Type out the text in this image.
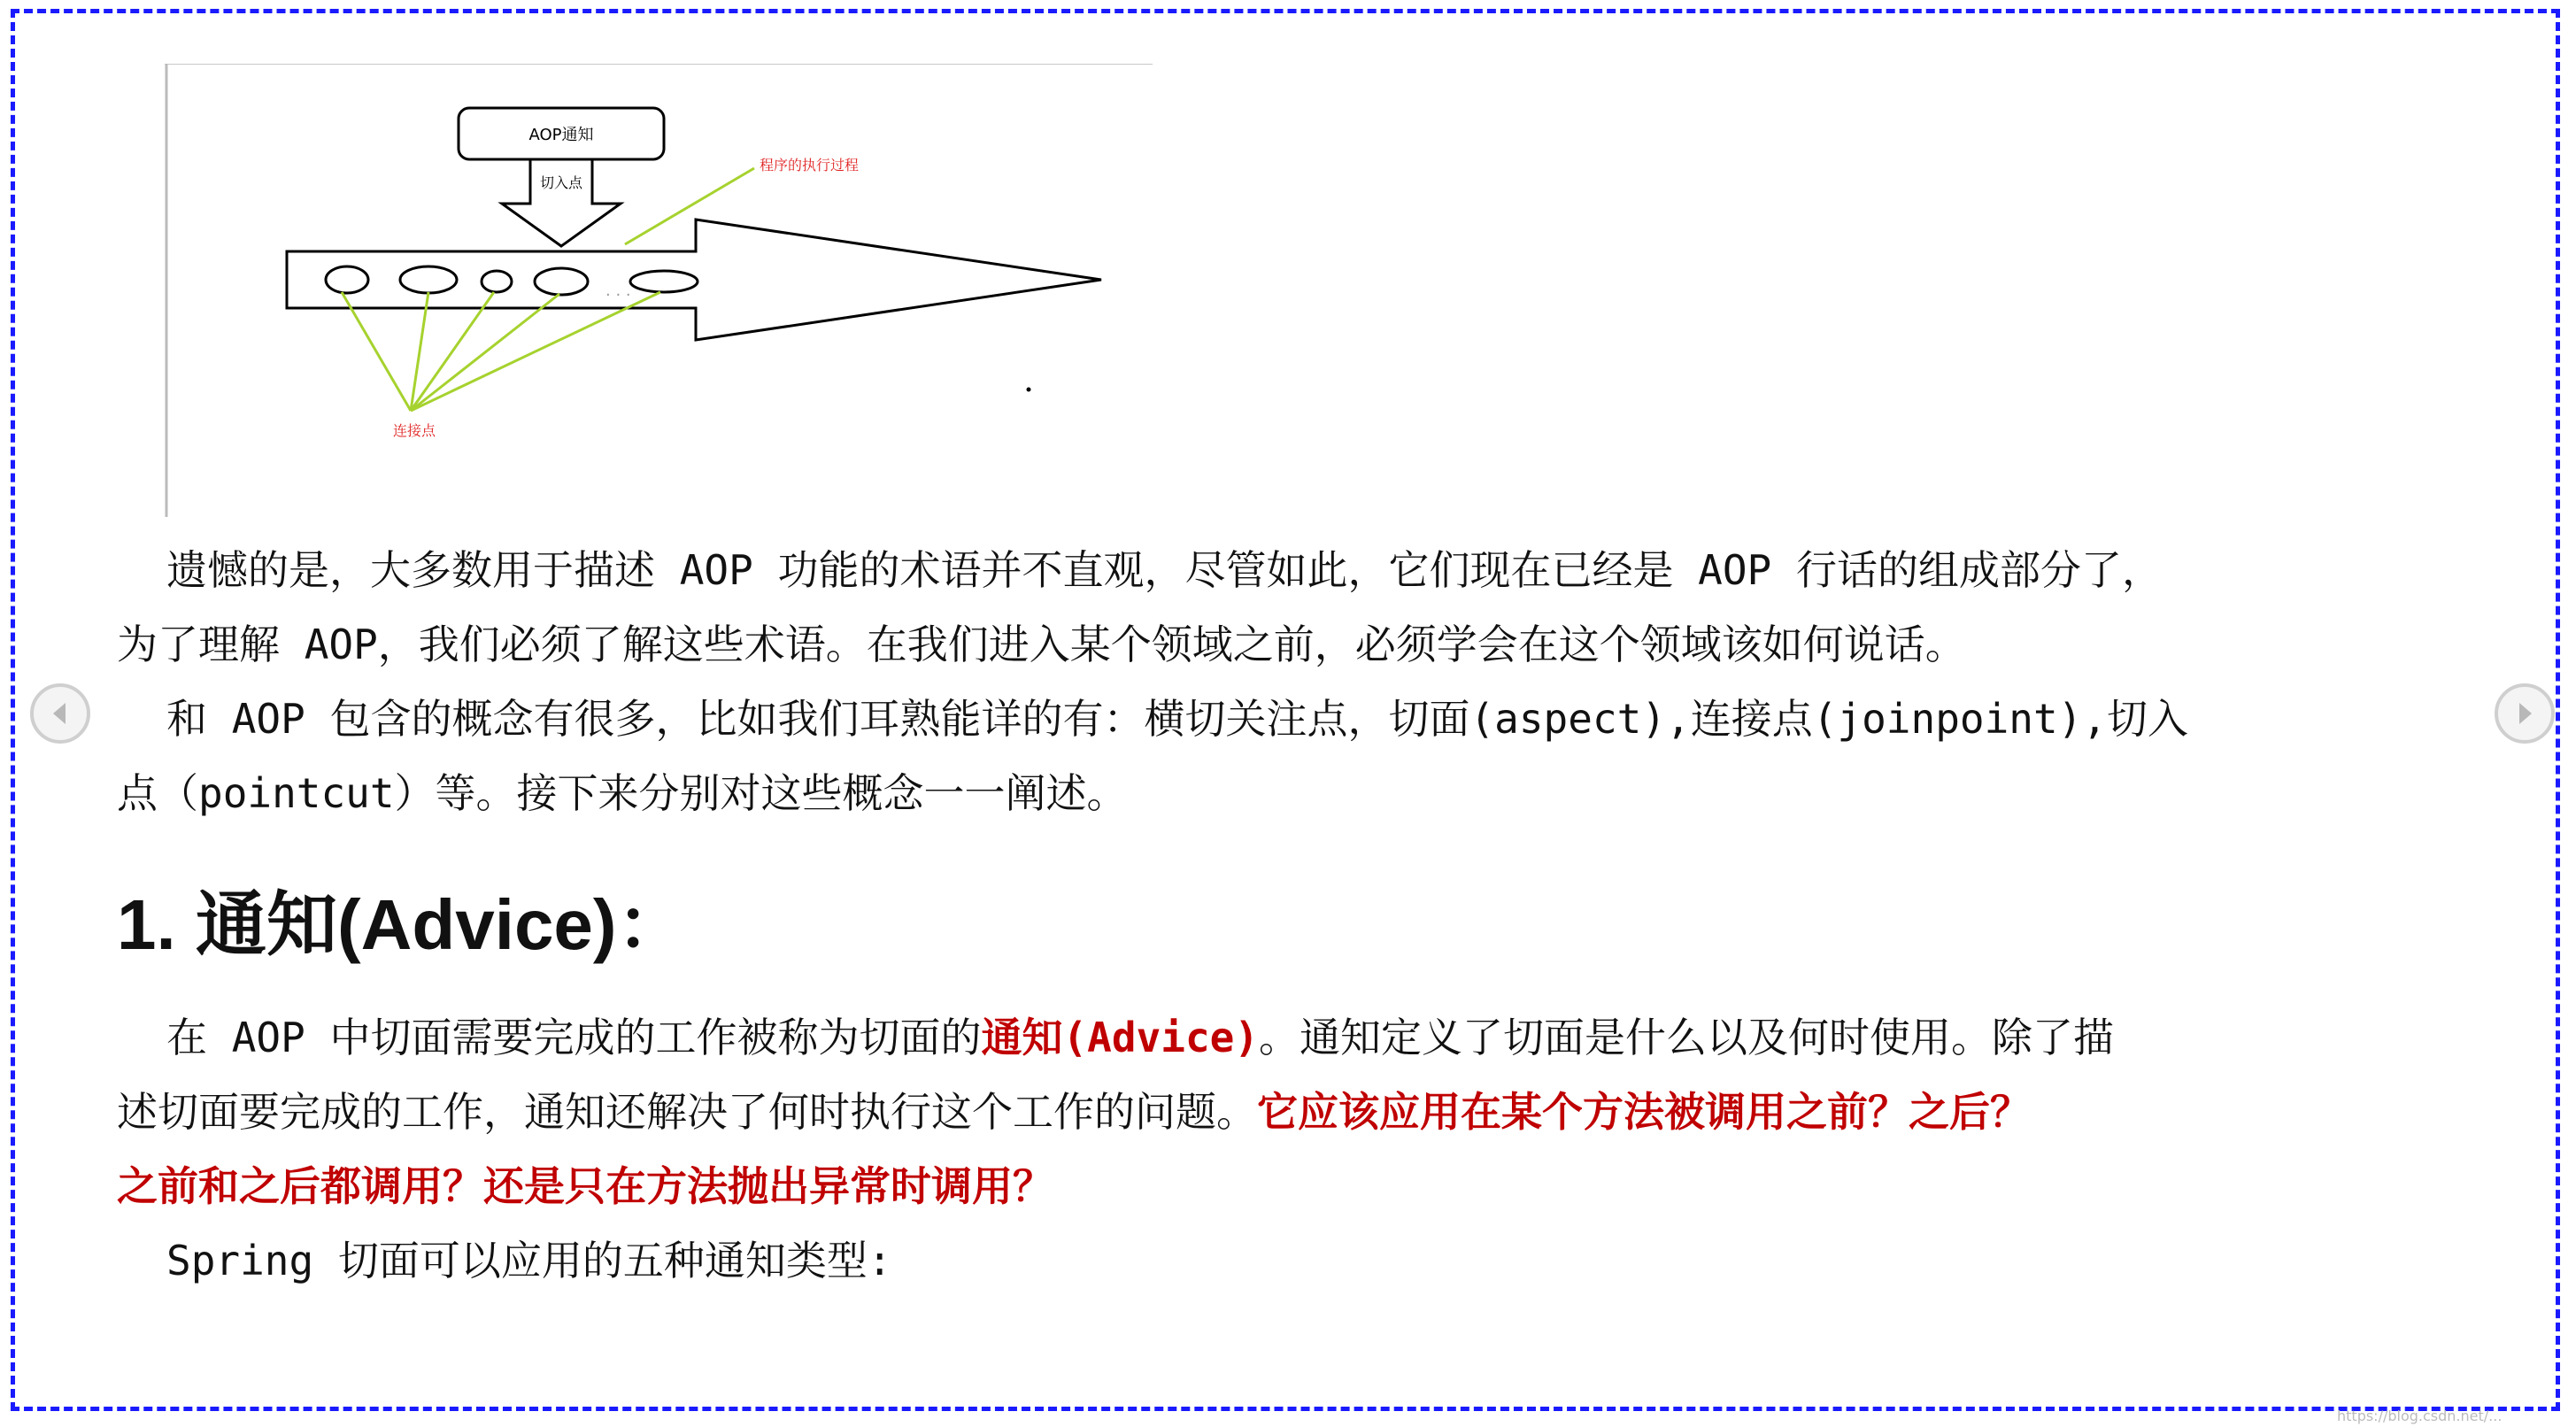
AOP通知
切入点
. . .
程序的执行过程
连接点
遗憾的是，大多数用于描述 AOP 功能的术语并不直观，尽管如此，它们现在已经是 AOP 行话的组成部分了，
为了理解 AOP，我们必须了解这些术语。在我们进入某个领域之前，必须学会在这个领域该如何说话。
和 AOP 包含的概念有很多，比如我们耳熟能详的有：横切关注点，切面(aspect),连接点(joinpoint),切入
点（pointcut）等。接下来分别对这些概念一一阐述。
1. 通知(Advice)：
在 AOP 中切面需要完成的工作被称为切面的通知(Advice)。通知定义了切面是什么以及何时使用。除了描
述切面要完成的工作，通知还解决了何时执行这个工作的问题。它应该应用在某个方法被调用之前？之后？
之前和之后都调用？还是只在方法抛出异常时调用？
Spring 切面可以应用的五种通知类型:
https://blog.csdn.net/...
